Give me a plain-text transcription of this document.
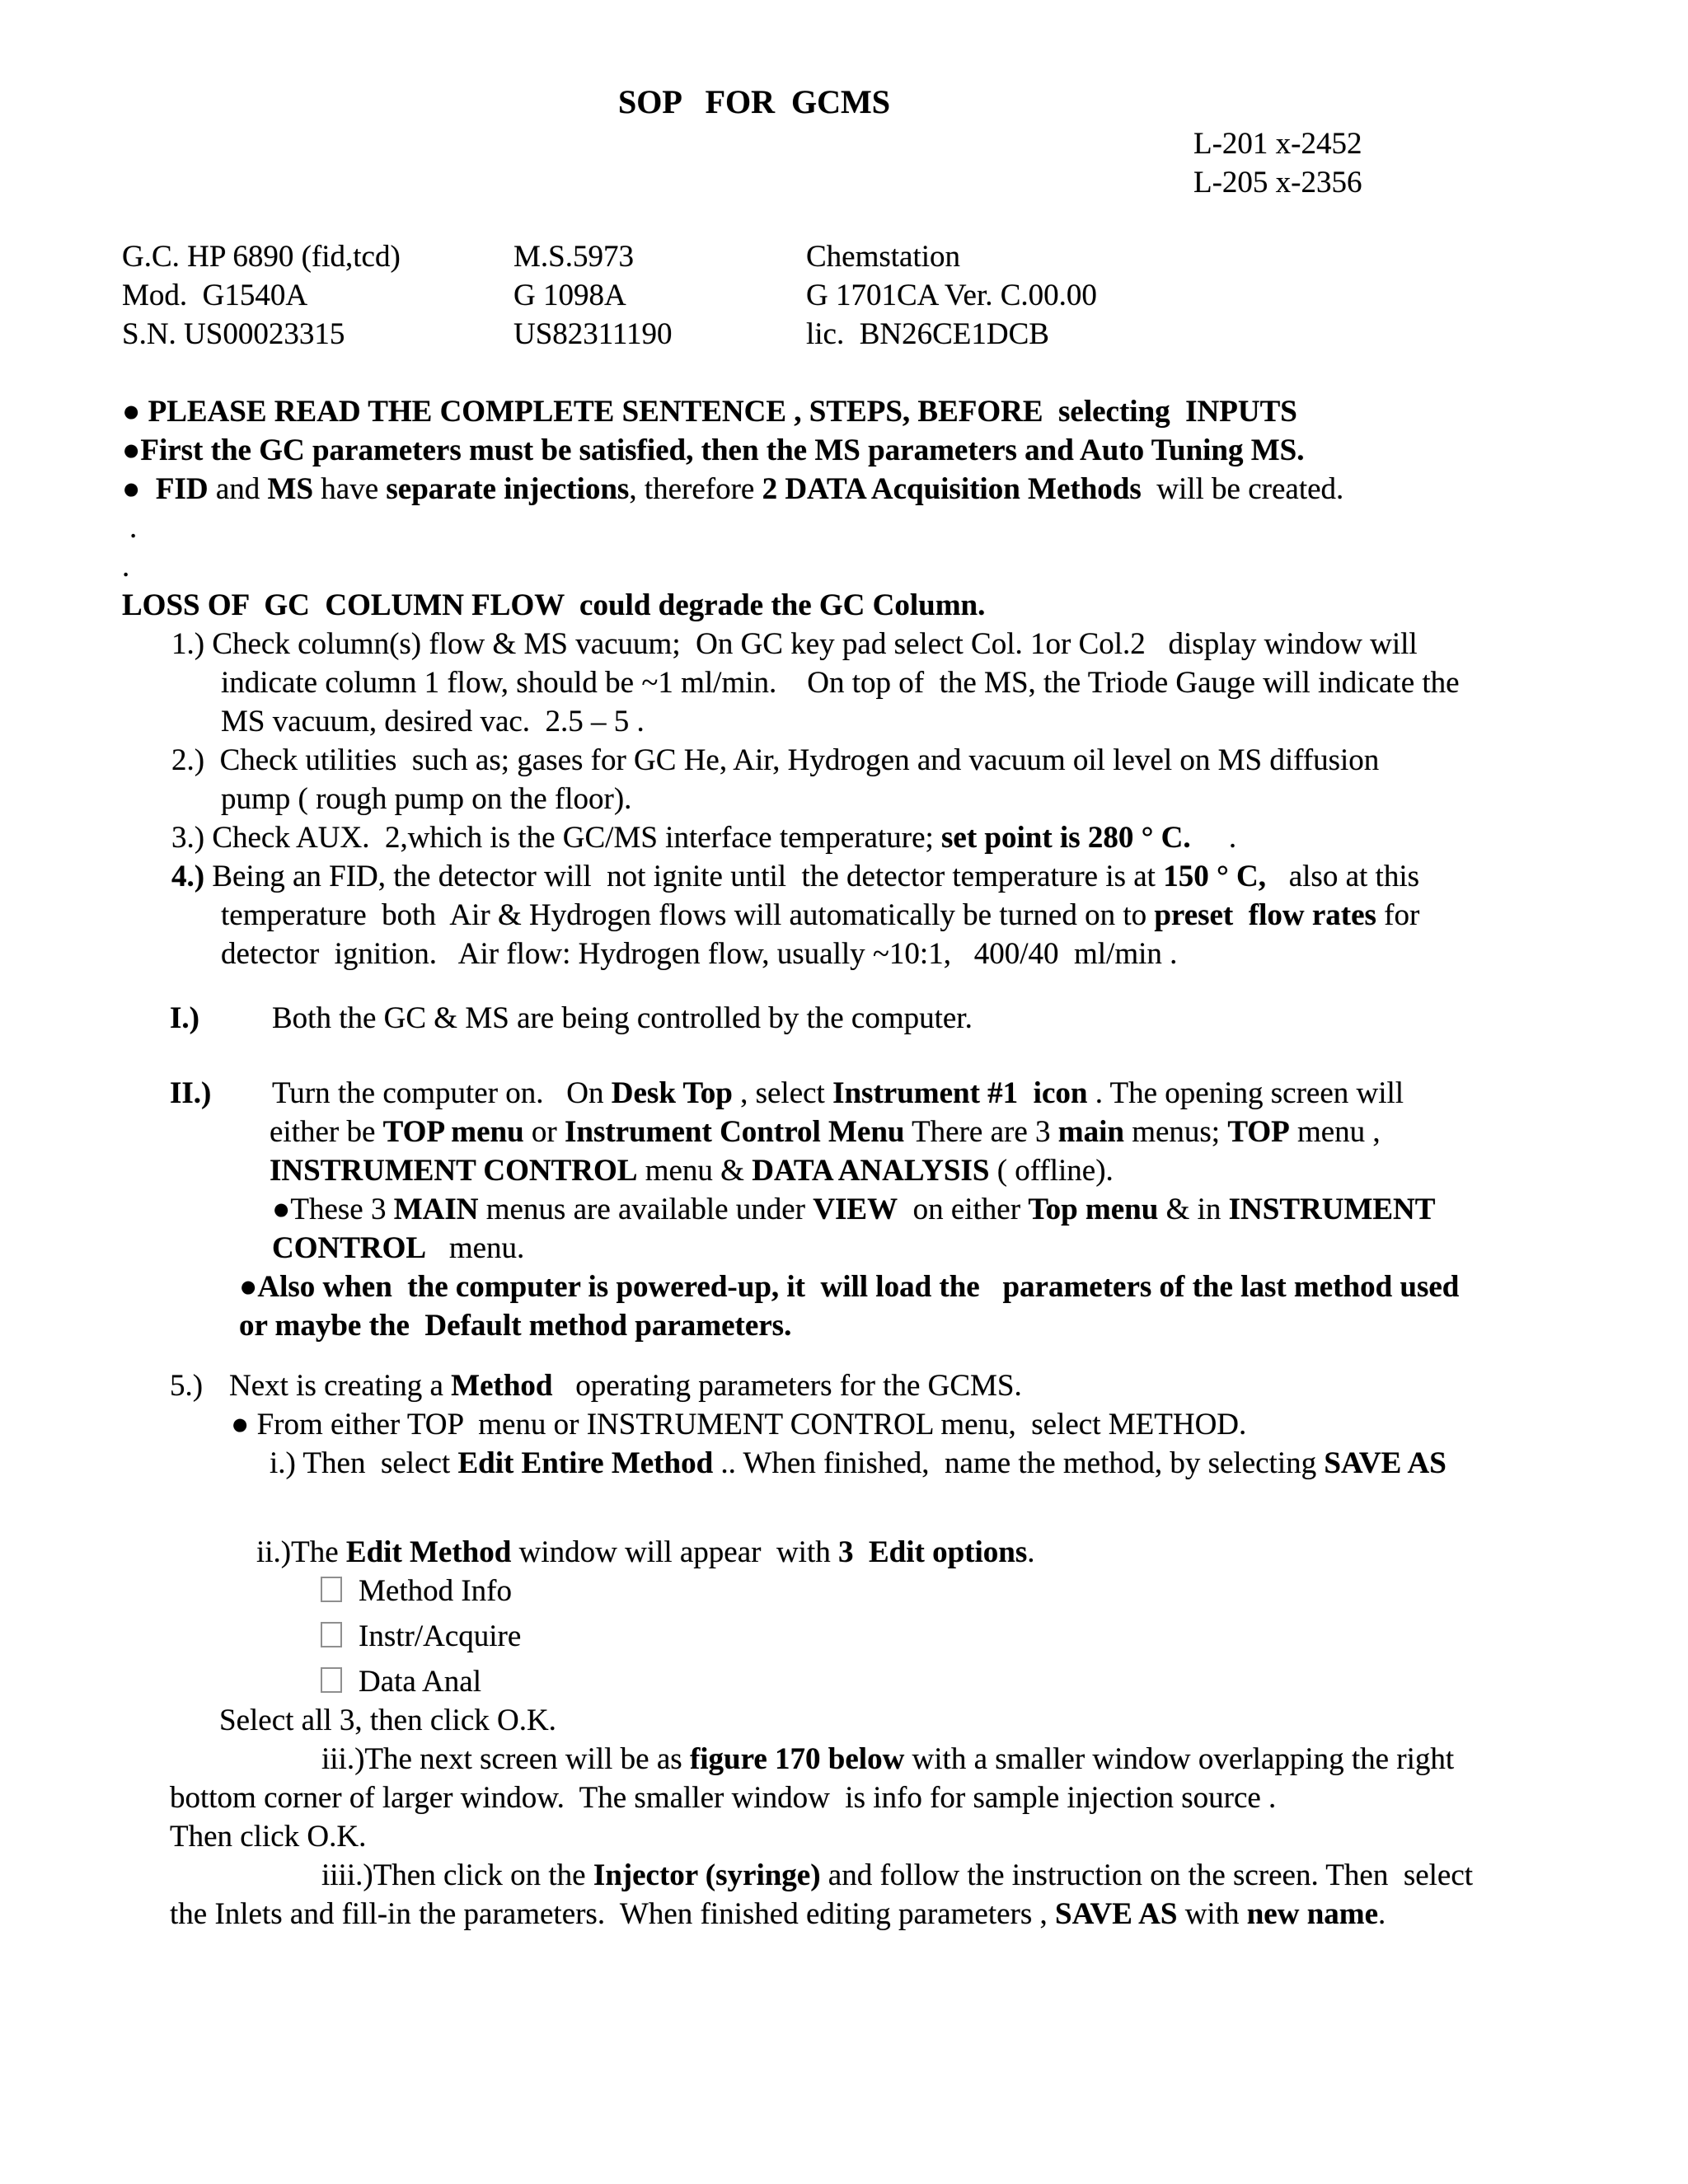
SOP   FOR  GCMS

L-201 x-2452

L-205 x-2356

G.C. HP 6890 (fid,tcd)

Mod.  G1540A

S.N. US00023315

M.S.5973

G 1098A

US82311190

Chemstation

G 1701CA Ver. C.00.00

lic.  BN26CE1DCB

● PLEASE READ THE COMPLETE SENTENCE , STEPS, BEFORE  selecting  INPUTS

●First the GC parameters must be satisfied, then the MS parameters and Auto Tuning MS.

●  FID and MS have separate injections, therefore 2 DATA Acquisition Methods  will be created.

.

.

LOSS OF  GC  COLUMN FLOW  could degrade the GC Column.

1.) Check column(s) flow & MS vacuum;  On GC key pad select Col. 1or Col.2   display window will

indicate column 1 flow, should be ~1 ml/min.    On top of  the MS, the Triode Gauge will indicate the

MS vacuum, desired vac.  2.5 – 5 .

2.)  Check utilities  such as; gases for GC He, Air, Hydrogen and vacuum oil level on MS diffusion

pump ( rough pump on the floor).

3.) Check AUX.  2,which is the GC/MS interface temperature; set point is 280 ° C.     .

4.) Being an FID, the detector will  not ignite until  the detector temperature is at 150 ° C,   also at this

temperature  both  Air & Hydrogen flows will automatically be turned on to preset  flow rates for

detector  ignition.   Air flow: Hydrogen flow, usually ~10:1,   400/40  ml/min .

I.) Both the GC & MS are being controlled by the computer.

II.) Turn the computer on.   On Desk Top , select Instrument #1  icon . The opening screen will

either be TOP menu or Instrument Control Menu There are 3 main menus; TOP menu ,

INSTRUMENT CONTROL menu & DATA ANALYSIS ( offline).

●These 3 MAIN menus are available under VIEW  on either Top menu & in INSTRUMENT

CONTROL   menu.

●Also when  the computer is powered-up, it  will load the   parameters of the last method used

or maybe the  Default method parameters.

5.) Next is creating a Method   operating parameters for the GCMS.

● From either TOP  menu or INSTRUMENT CONTROL menu,  select METHOD.

i.) Then  select Edit Entire Method .. When finished,  name the method, by selecting SAVE AS

ii.)The Edit Method window will appear  with 3  Edit options.

Method Info

Instr/Acquire

Data Anal

Select all 3, then click O.K.

iii.)The next screen will be as figure 170 below with a smaller window overlapping the right

bottom corner of larger window.  The smaller window  is info for sample injection source .

Then click O.K.

iiii.)Then click on the Injector (syringe) and follow the instruction on the screen. Then  select

the Inlets and fill-in the parameters.  When finished editing parameters , SAVE AS with new name.
